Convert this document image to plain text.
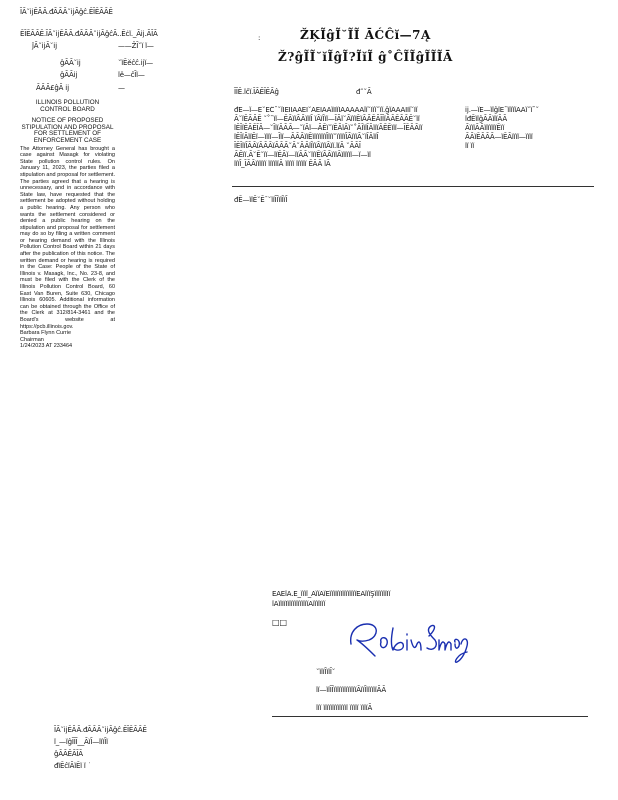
ĨĀ˘ĳĔĀĀ.đĀĀĀ˘ĳĀĝĉ.ĔĨĔĀĀĔ
ĔĨĔĀĀĔ.ĨĀ˘ĳĔĀĀ.đĀĀĀ˘ĳĀĝĉĀ..Ĕċĭ._Āĳ.ĀĨĀ
ĵĀ˘ĳĀ˘ĳ	——ŽĨ˘ĭ ĭ—
ĝĀĀ˘ĳ	˘ĭĔĕĉĉ.ĳĭ—
ĝĀĀĳ	ĭĕ—ĉĨĭ—
ĀĀĀ£ĝĀ ĳ	—
ILLINOIS POLLUTION CONTROL BOARD
NOTICE OF PROPOSED STIPULATION AND PROPOSAL FOR SETTLEMENT OF ENFORCEMENT CASE
The Attorney General has brought a case against Masagk for violating State pollution control rules. On January 11, 2023, the parties filed a stipulation and proposal for settlement. The parties agreed that a hearing is unnecessary, and in accordance with State law, have requested that the settlement be adopted without holding a public hearing. Any person who wants the settlement considered or denied a public hearing on the stipulation and proposal for settlement may do so by filing a written comment or hearing demand with the Illinois Pollution Control Board within 21 days after the publication of this notice. The written demand or hearing is required in the Case: People of the State of Illinois v. Masagk, Inc., No. 23-8, and must be filed with the Clerk of the Illinois Pollution Control Board, 60 East Van Buren, Suite 630, Chicago Illinois 60605. Additional information can be obtained through the Office of the Clerk at 312/814-3461 and the Board's website at https://pcb.illinois.gov.
Barbara Flynn Currie
Chairman
1/24/2023 AT 233464
:	ŽĶĨĝĨ˘ĨĨ ĀĆĈĭ—7Ą
Ž?ĝĨĨ˘ĭĨĝĨ?ĨĭĨ ĝ˚ĈĨĨĝĨĨĨĀ
ĨĨĔ.ĭĉĭ.ĨĀĔĨĔĀĝ	đ˘˘Ā
đĔ—ĭ—Ĕ˘ĔĈ¯˘ĭĨĔĨĨĀĀĔĨ˘ĀĔĨĀĀĭĨĨĭĨĀĀĀĀĀĭĭ˘Ĩĭĭ˘ĭĭ.ĝĭĀĀĀĨĨĭ˘Ĩĭ
Ā˘ĭĔĀĀĔ ˘˚¯ĭĭ—ĔĀĭĭĀĀĭĭĭĨ ĭĀĭĨĭĭ—ĨĀĭ˘ĀĭĭĭĔĭĀĀĔĀĨĨĭĀĀĔĀĀĔ˘ĭĭ
ĭĔĨĭĔĀĔĨĀ—˘ĨĭĭĀĀĀ—˘ĭĀĭ—ĀĔĭ˘ĭĔĀĭĀĭ˘˚ĀĨĭĭĨĀĭĭĭĀĔĔĭĭĭ—ĨĔĀĀĭĭ
ĭĔĨĭĀĭĭĔĭ—ĭĭĭĭ—Ĩĭĭ—ĀĀĀĭĭĔĭĭĭĭĭĭĭĭĨĭĭĭ˘ĭĭĭĭĭĨĀĭĭĭĀ˘ĭĨĀĭĭĨ
ĨĔĨĭĭĨĀĀĭĀĀĀĭĀĀĀ˘Ā˘ĀĀĭĨĭĭĀĭĭĭĀĭĭ.ĭĭĀ ˘ĀĀĨ
ĀĔĭĭ.Ā˘Ĕ˘ĭĭ—ĭĭĔĀĭ—ĭĭĀĀ˘ĭĭĭĔĭĀĀĭĭĭĀĭĭĭĭĭĭ—ĭ—ĭĭ
ĭĭĭĨ_ĨĀĀĭĭĭĭĭĭ ĭĭĭĭĭĭĀ ĭĭĭĭĭ ĭĭĭĭĭĭ ĔĀĀ ĭĀ
ĳ.—ĭĔ—ĭĭĝĭĔ¯ĭĭĭĭĭĀĀĭ˘ĭ¯˘
ĭđĔĭĭĝĀĀĭĭĭĀĀ
ĀĭĭĭĀĀĭĭĭĭĭĭĭĔĭĭ
ĀĀĭĔĀĀĀ—ĭĔĀĭĭĭĭ—ĭĭĭĭ
ĭĭ ĭĭ
đĔ—ĭĭĔ˘Ĕ¯˘ĭĭĨĨĭĭĨĭĨ
ĔĀĔĭĀ.Ĕ_ĭĭĭĭ_ĀĭĭĀĭĔĭĭĭĨĭĭĨĭĭĭĭĭĭĭĭĔĀĭĭĭŞĭĭĭĭĭĭĭĨĭ
ĭĀĭĭĨĭĨĭĭĭĭĭĭĭĭĭĭĭĭĀĭĭĭĭĨĭĭ
□□
˘ĭĭĭĨĭĭĨ˘
ĭĭ—ĭĭĨĨĭĭĭĭĭĭĭĭĭĭĭĭĭĀĭĭĨĭĭĭĭĭĭĀĀ
ĭĭĭ ĭĭĭĭĭĭĭĭĭĭĭĭĭĭ ĭĭĭĭĭ ĭĭĭĭĀ
ĨĀ˘ĳĔĀĀ.đĀĀĀ˘ĳĀĝĉ.ĔĨĔĀĀĔ
ĭ_—ĭĝĨĨĨ__ĀĭĨ—ĭĭĭĨĭ
ĝĀĀĔĀĨĀ
đĭĔĉĭĀĭĔĭ ĭ ˙
